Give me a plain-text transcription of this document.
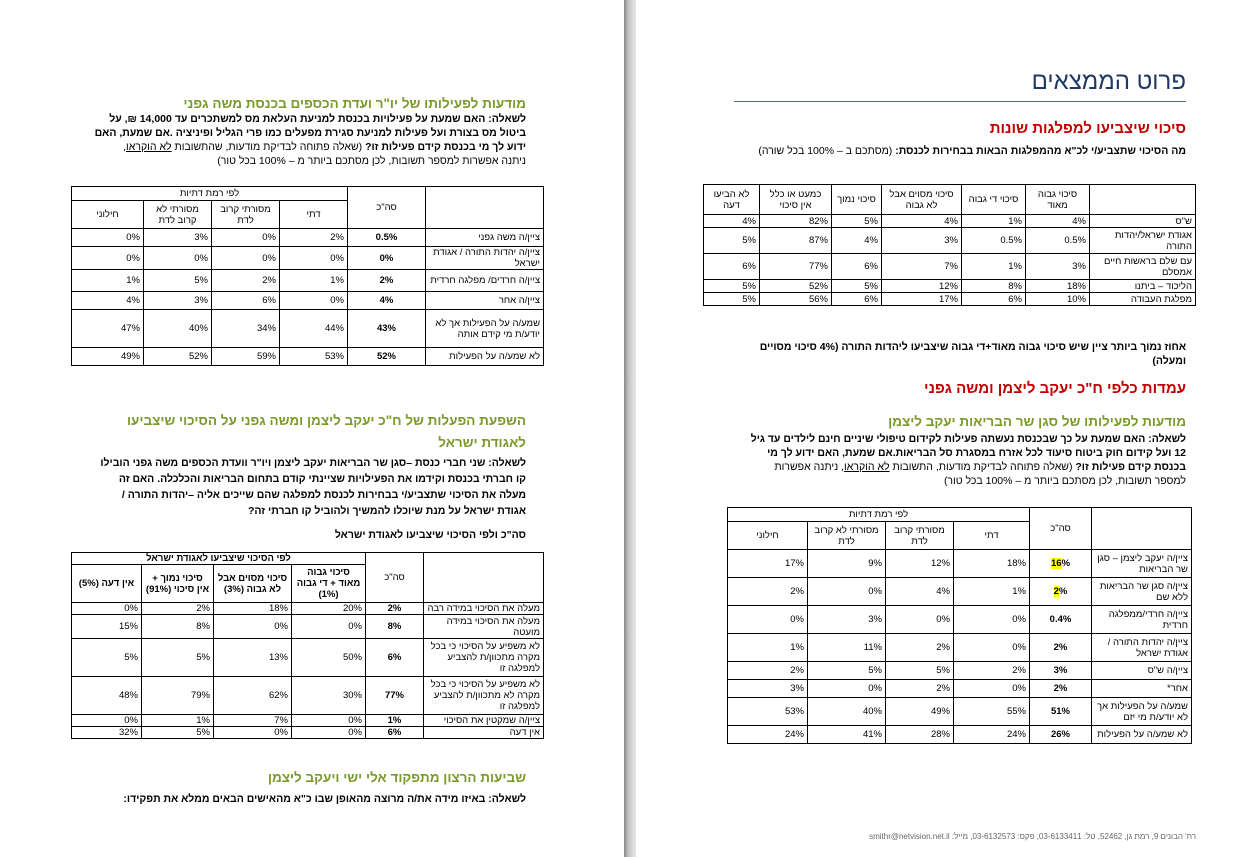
מודעות לפעילותו של יו"ר ועדת הכספים בכנסת משה גפני
לשאלה: האם שמעת על פעילויות בכנסת למניעת העלאת מס למשתכרים עד 14,000 ₪, על
ביטול מס בצורת ועל פעילות למניעת סגירת מפעלים כמו פרי הגליל ופיניציה .אם שמעת, האם
ידוע לך מי בכנסת קידם פעילות זו? (שאלה פתוחה לבדיקת מודעות, שהתשובות לא הוקראו,
ניתנה אפשרות למספר תשובות, לכן מסתכם ביותר מ – 100% בכל טור)
	סה"כ	לפי רמת דתיות			
		דתי	מסורתי קרוב לדת	מסורתי לא קרוב לדת	חילוני
ציין/ה משה גפני	0.5%	2%	0%	3%	0%
ציין/ה יהדות התורה / אגודת ישראל	0%	0%	0%	0%	0%
ציין/ה חרדים/ מפלגה חרדית	2%	1%	2%	5%	1%
ציין/ה אחר	4%	0%	6%	3%	4%
שמע/ה על הפעילות אך לא יודע/ת מי קידם אותה	43%	44%	34%	40%	47%
לא שמע/ה על הפעילות	52%	53%	59%	52%	49%
השפעת הפעלות של ח"כ יעקב ליצמן ומשה גפני על הסיכוי שיצביעו
לאגודת ישראל
לשאלה: שני חברי כנסת –סגן שר הבריאות יעקב ליצמן ויו"ר וועדת הכספים משה גפני הובילו
קו חברתי בכנסת וקידמו את הפעילויות שציינתי קודם בתחום הבריאות והכלכלה. האם זה
מעלה את הסיכוי שתצביע/י בבחירות לכנסת למפלגה שהם שייכים אליה –יהדות התורה /
אגודת ישראל על מנת שיוכלו להמשיך ולהוביל קו חברתי זה?
סה"כ ולפי הסיכוי שיצביעו לאגודת ישראל
	סה"כ	לפי הסיכוי שיצביעו לאגודת ישראל			
		סיכוי גבוה מאוד + די גבוה (1%)	סיכוי מסוים אבל לא גבוה (3%)	סיכוי נמוך + אין סיכוי (91%)	אין דעה (5%)
מעלה את הסיכוי במידה רבה	2%	20%	18%	2%	0%
מעלה את הסיכוי במידה מועטה	8%	0%	0%	8%	15%
לא משפיע על הסיכוי כי בכל מקרה מתכוון/ת להצביע למפלגה זו	6%	50%	13%	5%	5%
לא משפיע על הסיכוי כי בכל מקרה לא מתכוון/ת להצביע למפלגה זו	77%	30%	62%	79%	48%
ציין/ה שמקטין את הסיכוי	1%	0%	7%	1%	0%
אין דעה	6%	0%	0%	5%	32%
שביעות הרצון מתפקוד אלי ישי ויעקב ליצמן
לשאלה: באיזו מידה את/ה מרוצה מהאופן שבו כ"א מהאישים הבאים ממלא את תפקידו:
פרוט הממצאים
סיכוי שיצביעו למפלגות שונות
מה הסיכוי שתצביע/י לכ"א מהמפלגות הבאות בבחירות לכנסת: (מסתכם ב – 100% בכל שורה)
	סיכוי גבוה מאוד	סיכוי די גבוה	סיכוי מסוים אבל לא גבוה	סיכוי נמוך	כמעט או כלל אין סיכוי	לא הביעו דעה
ש"ס	4%	1%	4%	5%	82%	4%
אגודת ישראל/יהדות התורה	0.5%	0.5%	3%	4%	87%	5%
עם שלם בראשות חיים אמסלם	3%	1%	7%	6%	77%	6%
הליכוד – ביתנו	18%	8%	12%	5%	52%	5%
מפלגת העבודה	10%	6%	17%	6%	56%	5%
אחוז נמוך ביותר ציין שיש סיכוי גבוה מאוד+די גבוה שיצביעו ליהדות התורה (4% סיכוי מסויים ומעלה)
עמדות כלפי ח"כ יעקב ליצמן ומשה גפני
מודעות לפעילותו של סגן שר הבריאות יעקב ליצמן
לשאלה: האם שמעת על כך שבכנסת נעשתה פעילות לקידום טיפולי שיניים חינם לילדים עד גיל
12 ועל קידום חוק ביטוח סיעוד לכל אזרח במסגרת סל הבריאות.אם שמעת, האם ידוע לך מי
בכנסת קידם פעילות זו? (שאלה פתוחה לבדיקת מודעות, התשובות לא הוקראו, ניתנה אפשרות
למספר תשובות, לכן מסתכם ביותר מ – 100% בכל טור)
	סה"כ	לפי רמת דתיות			
		דתי	מסורתי קרוב לדת	מסורתי לא קרוב לדת	חילוני
ציין/ה יעקב ליצמן – סגן שר הבריאות	16%	18%	12%	9%	17%
ציין/ה סגן שר הבריאות ללא שם	2%	1%	4%	0%	2%
ציין/ה חרדי/ממפלגה חרדית	0.4%	0%	0%	3%	0%
ציין/ה יהדות התורה / אגודת ישראל	2%	0%	2%	11%	1%
ציין/ה ש"ס	3%	2%	5%	5%	2%
אחר*	2%	0%	2%	0%	3%
שמע/ה על הפעילות אך לא יודע/ת מי יזם	51%	55%	49%	40%	53%
לא שמע/ה על הפעילות	26%	24%	28%	41%	24%
רח' הבונים 9, רמת גן, 52462, טל: 03-6133411, פקס: 03-6132573, מייל: smithr@netvision.net.il
